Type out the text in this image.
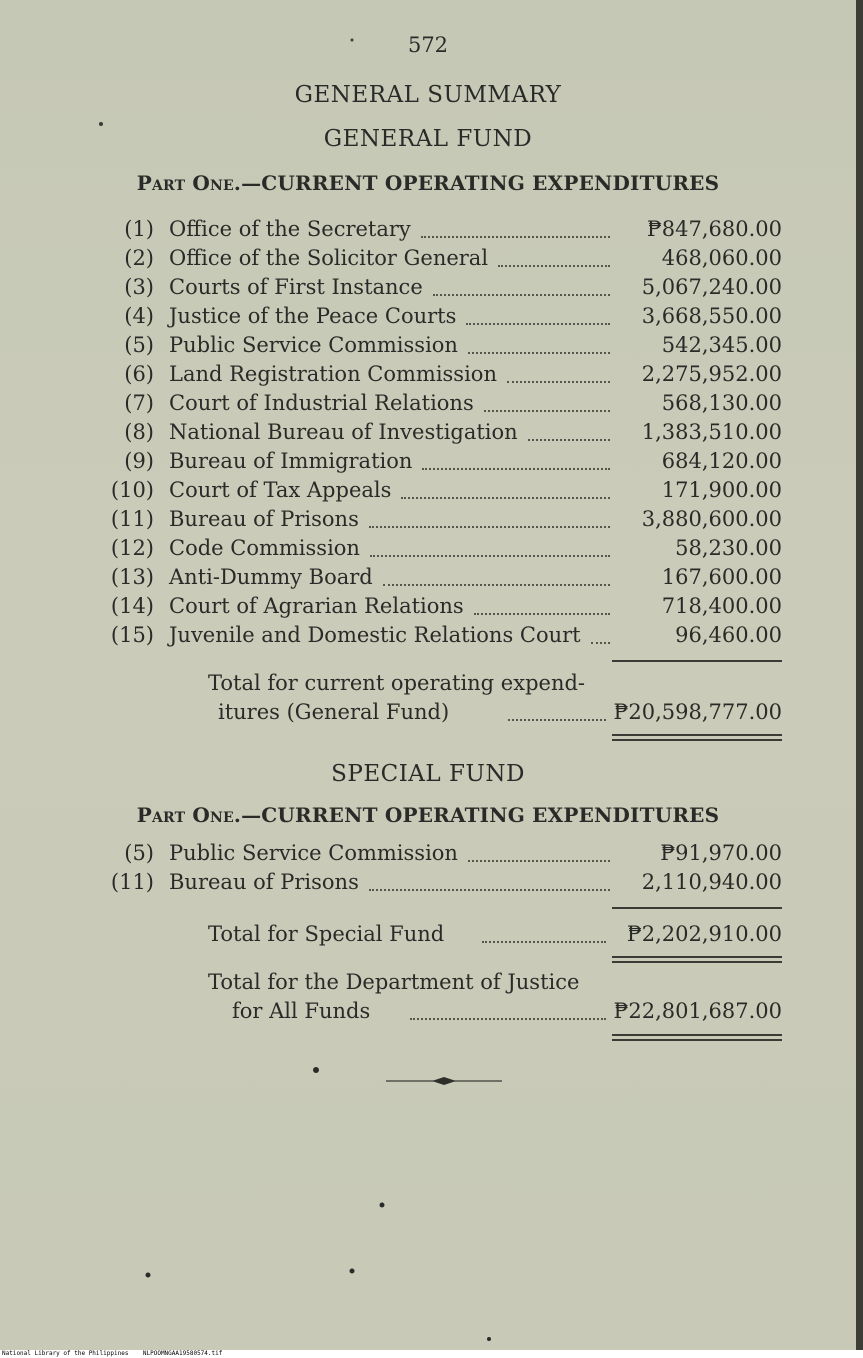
572
GENERAL SUMMARY
GENERAL FUND
Part One.—CURRENT OPERATING EXPENDITURES
(1) Office of the Secretary	₱847,680.00
(2) Office of the Solicitor General	468,060.00
(3) Courts of First Instance	5,067,240.00
(4) Justice of the Peace Courts	3,668,550.00
(5) Public Service Commission	542,345.00
(6) Land Registration Commission	2,275,952.00
(7) Court of Industrial Relations	568,130.00
(8) National Bureau of Investigation	1,383,510.00
(9) Bureau of Immigration	684,120.00
(10) Court of Tax Appeals	171,900.00
(11) Bureau of Prisons	3,880,600.00
(12) Code Commission	58,230.00
(13) Anti-Dummy Board	167,600.00
(14) Court of Agrarian Relations	718,400.00
(15) Juvenile and Domestic Relations Court	96,460.00
Total for current operating expend-
itures (General Fund)	₱20,598,777.00
SPECIAL FUND
Part One.—CURRENT OPERATING EXPENDITURES
(5) Public Service Commission	₱91,970.00
(11) Bureau of Prisons	2,110,940.00
Total for Special Fund	₱2,202,910.00
Total for the Department of Justice
for All Funds	₱22,801,687.00
National Library of the Philippines    NLPOOMNGAA19580574.tif
